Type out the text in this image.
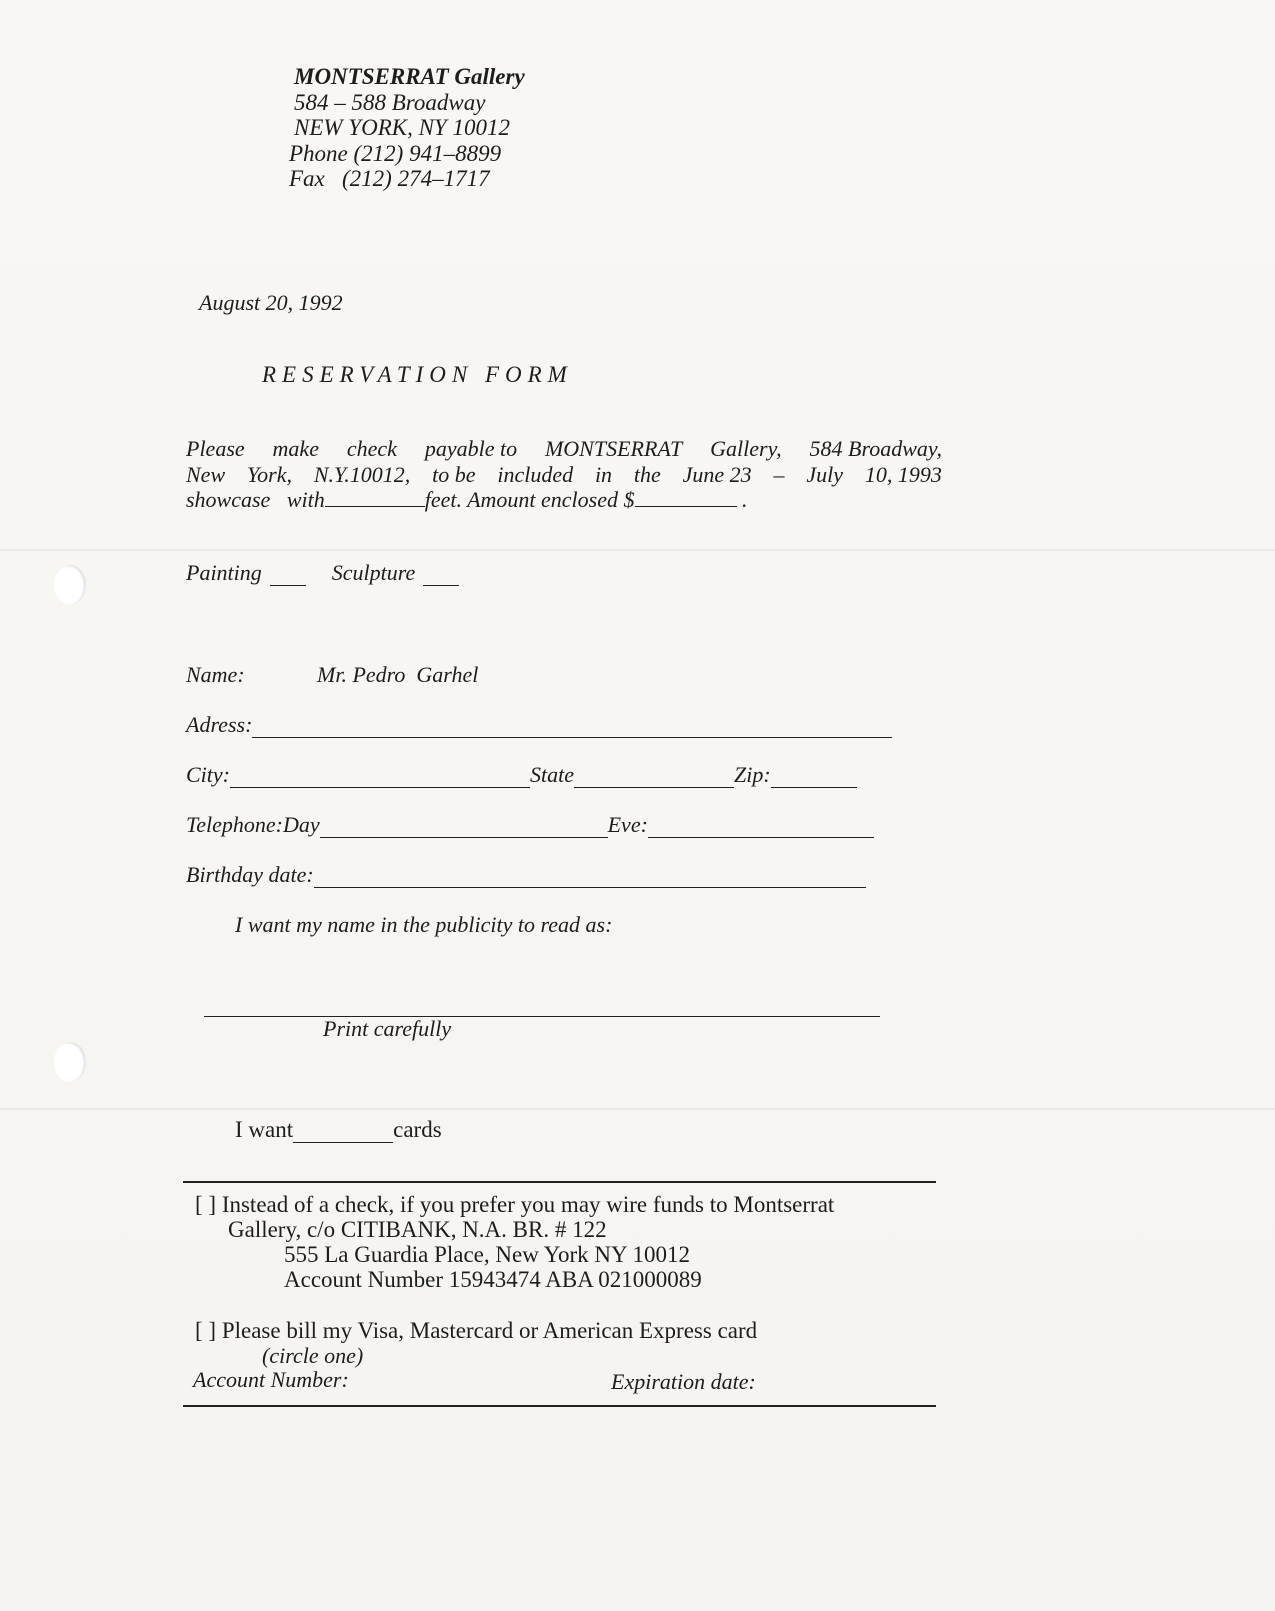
MONTSERRAT Gallery
584 – 588 Broadway
NEW YORK, NY 10012
Phone (212) 941–8899
Fax   (212) 274–1717
August 20, 1992
RESERVATION FORM
Please make check payable to MONTSERRAT Gallery, 584 Broadway,
New York, N.Y.10012, to be included in the June 23 – July 10, 1993
showcase with	feet. Amount enclosed $	.
Painting	Sculpture
Name:	Mr. Pedro  Garhel
Adress:
City:	State	Zip:
Telephone:Day	Eve:
Birthday date:
I want my name in the publicity to read as:
Print carefully
I want	cards
[ ] Instead of a check, if you prefer you may wire funds to Montserrat
Gallery, c/o CITIBANK, N.A. BR. # 122
555 La Guardia Place, New York NY 10012
Account Number 15943474 ABA 021000089
[ ] Please bill my Visa, Mastercard or American Express card
(circle one)
Account Number:	Expiration date:
